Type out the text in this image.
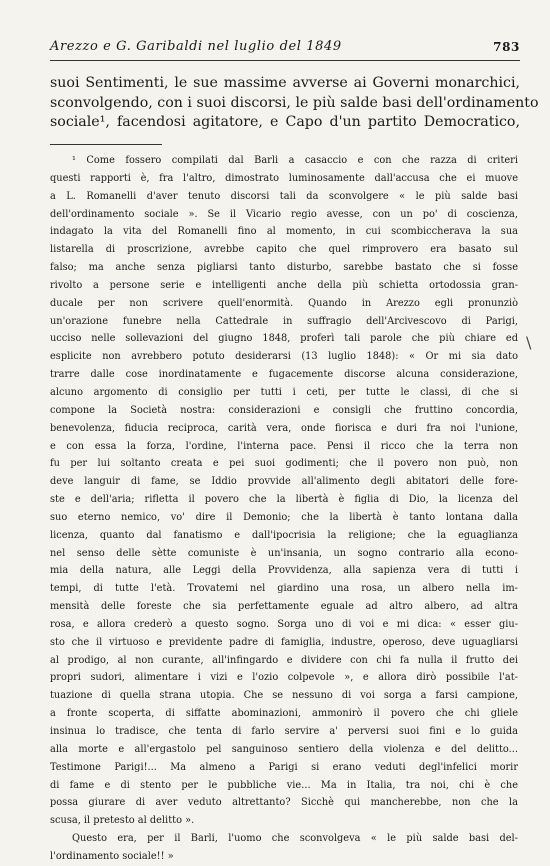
Arezzo e G. Garibaldi nel luglio del 1849	783

suoi Sentimenti, le sue massime avverse ai Governi monarchici,
sconvolgendo, con i suoi discorsi, le più salde basi dell'ordinamento
sociale¹, facendosi agitatore, e Capo d'un partito Democratico,

¹ Come fossero compilati dal Barli a casaccio e con che razza di criteri
questi rapporti è, fra l'altro, dimostrato luminosamente dall'accusa che ei muove
a L. Romanelli d'aver tenuto discorsi tali da sconvolgere « le più salde basi
dell'ordinamento sociale ». Se il Vicario regio avesse, con un po' di coscienza,
indagato la vita del Romanelli fino al momento, in cui scombiccherava la sua
listarella di proscrizione, avrebbe capito che quel rimprovero era basato sul
falso; ma anche senza pigliarsi tanto disturbo, sarebbe bastato che si fosse
rivolto a persone serie e intelligenti anche della più schietta ortodossia gran-
ducale per non scrivere quell'enormità. Quando in Arezzo egli pronunziò
un'orazione funebre nella Cattedrale in suffragio dell'Arcivescovo di Parigi,
ucciso nelle sollevazioni del giugno 1848, proferì tali parole che più chiare ed
esplicite non avrebbero potuto desiderarsi (13 luglio 1848): « Or mi sia dato
trarre dalle cose inordinatamente e fugacemente discorse alcuna considerazione,
alcuno argomento di consiglio per tutti i ceti, per tutte le classi, di che si
compone la Società nostra: considerazioni e consigli che fruttino concordia,
benevolenza, fiducia reciproca, carità vera, onde fiorisca e duri fra noi l'unione,
e con essa la forza, l'ordine, l'interna pace. Pensi il ricco che la terra non
fu per lui soltanto creata e pei suoi godimenti; che il povero non può, non
deve languir di fame, se Iddio provvide all'alimento degli abitatori delle fore-
ste e dell'aria; rifletta il povero che la libertà è figlia di Dio, la licenza del
suo eterno nemico, vo' dire il Demonio; che la libertà è tanto lontana dalla
licenza, quanto dal fanatismo e dall'ipocrisia la religione; che la eguaglianza
nel senso delle sètte comuniste è un'insania, un sogno contrario alla econo-
mia della natura, alle Leggi della Provvidenza, alla sapienza vera di tutti i
tempi, di tutte l'età. Trovatemi nel giardino una rosa, un albero nella im-
mensità delle foreste che sia perfettamente eguale ad altro albero, ad altra
rosa, e allora crederò a questo sogno. Sorga uno di voi e mi dica: « esser giu-
sto che il virtuoso e previdente padre di famiglia, industre, operoso, deve uguagliarsi
al prodigo, al non curante, all'infingardo e dividere con chi fa nulla il frutto dei
propri sudori, alimentare i vizi e l'ozio colpevole », e allora dirò possibile l'at-
tuazione di quella strana utopia. Che se nessuno di voi sorga a farsi campione,
a fronte scoperta, di siffatte abominazioni, ammonirò il povero che chi gliele
insinua lo tradisce, che tenta di farlo servire a' perversi suoi fini e lo guida
alla morte e all'ergastolo pel sanguinoso sentiero della violenza e del delitto...
Testimone Parigi!... Ma almeno a Parigi si erano veduti degl'infelici morir
di fame e di stento per le pubbliche vie... Ma in Italia, tra noi, chi è che
possa giurare di aver veduto altrettanto? Sicchè qui mancherebbe, non che la
scusa, il pretesto al delitto ».
Questo era, per il Barli, l'uomo che sconvolgeva « le più salde basi del-
l'ordinamento sociale!! »

\
